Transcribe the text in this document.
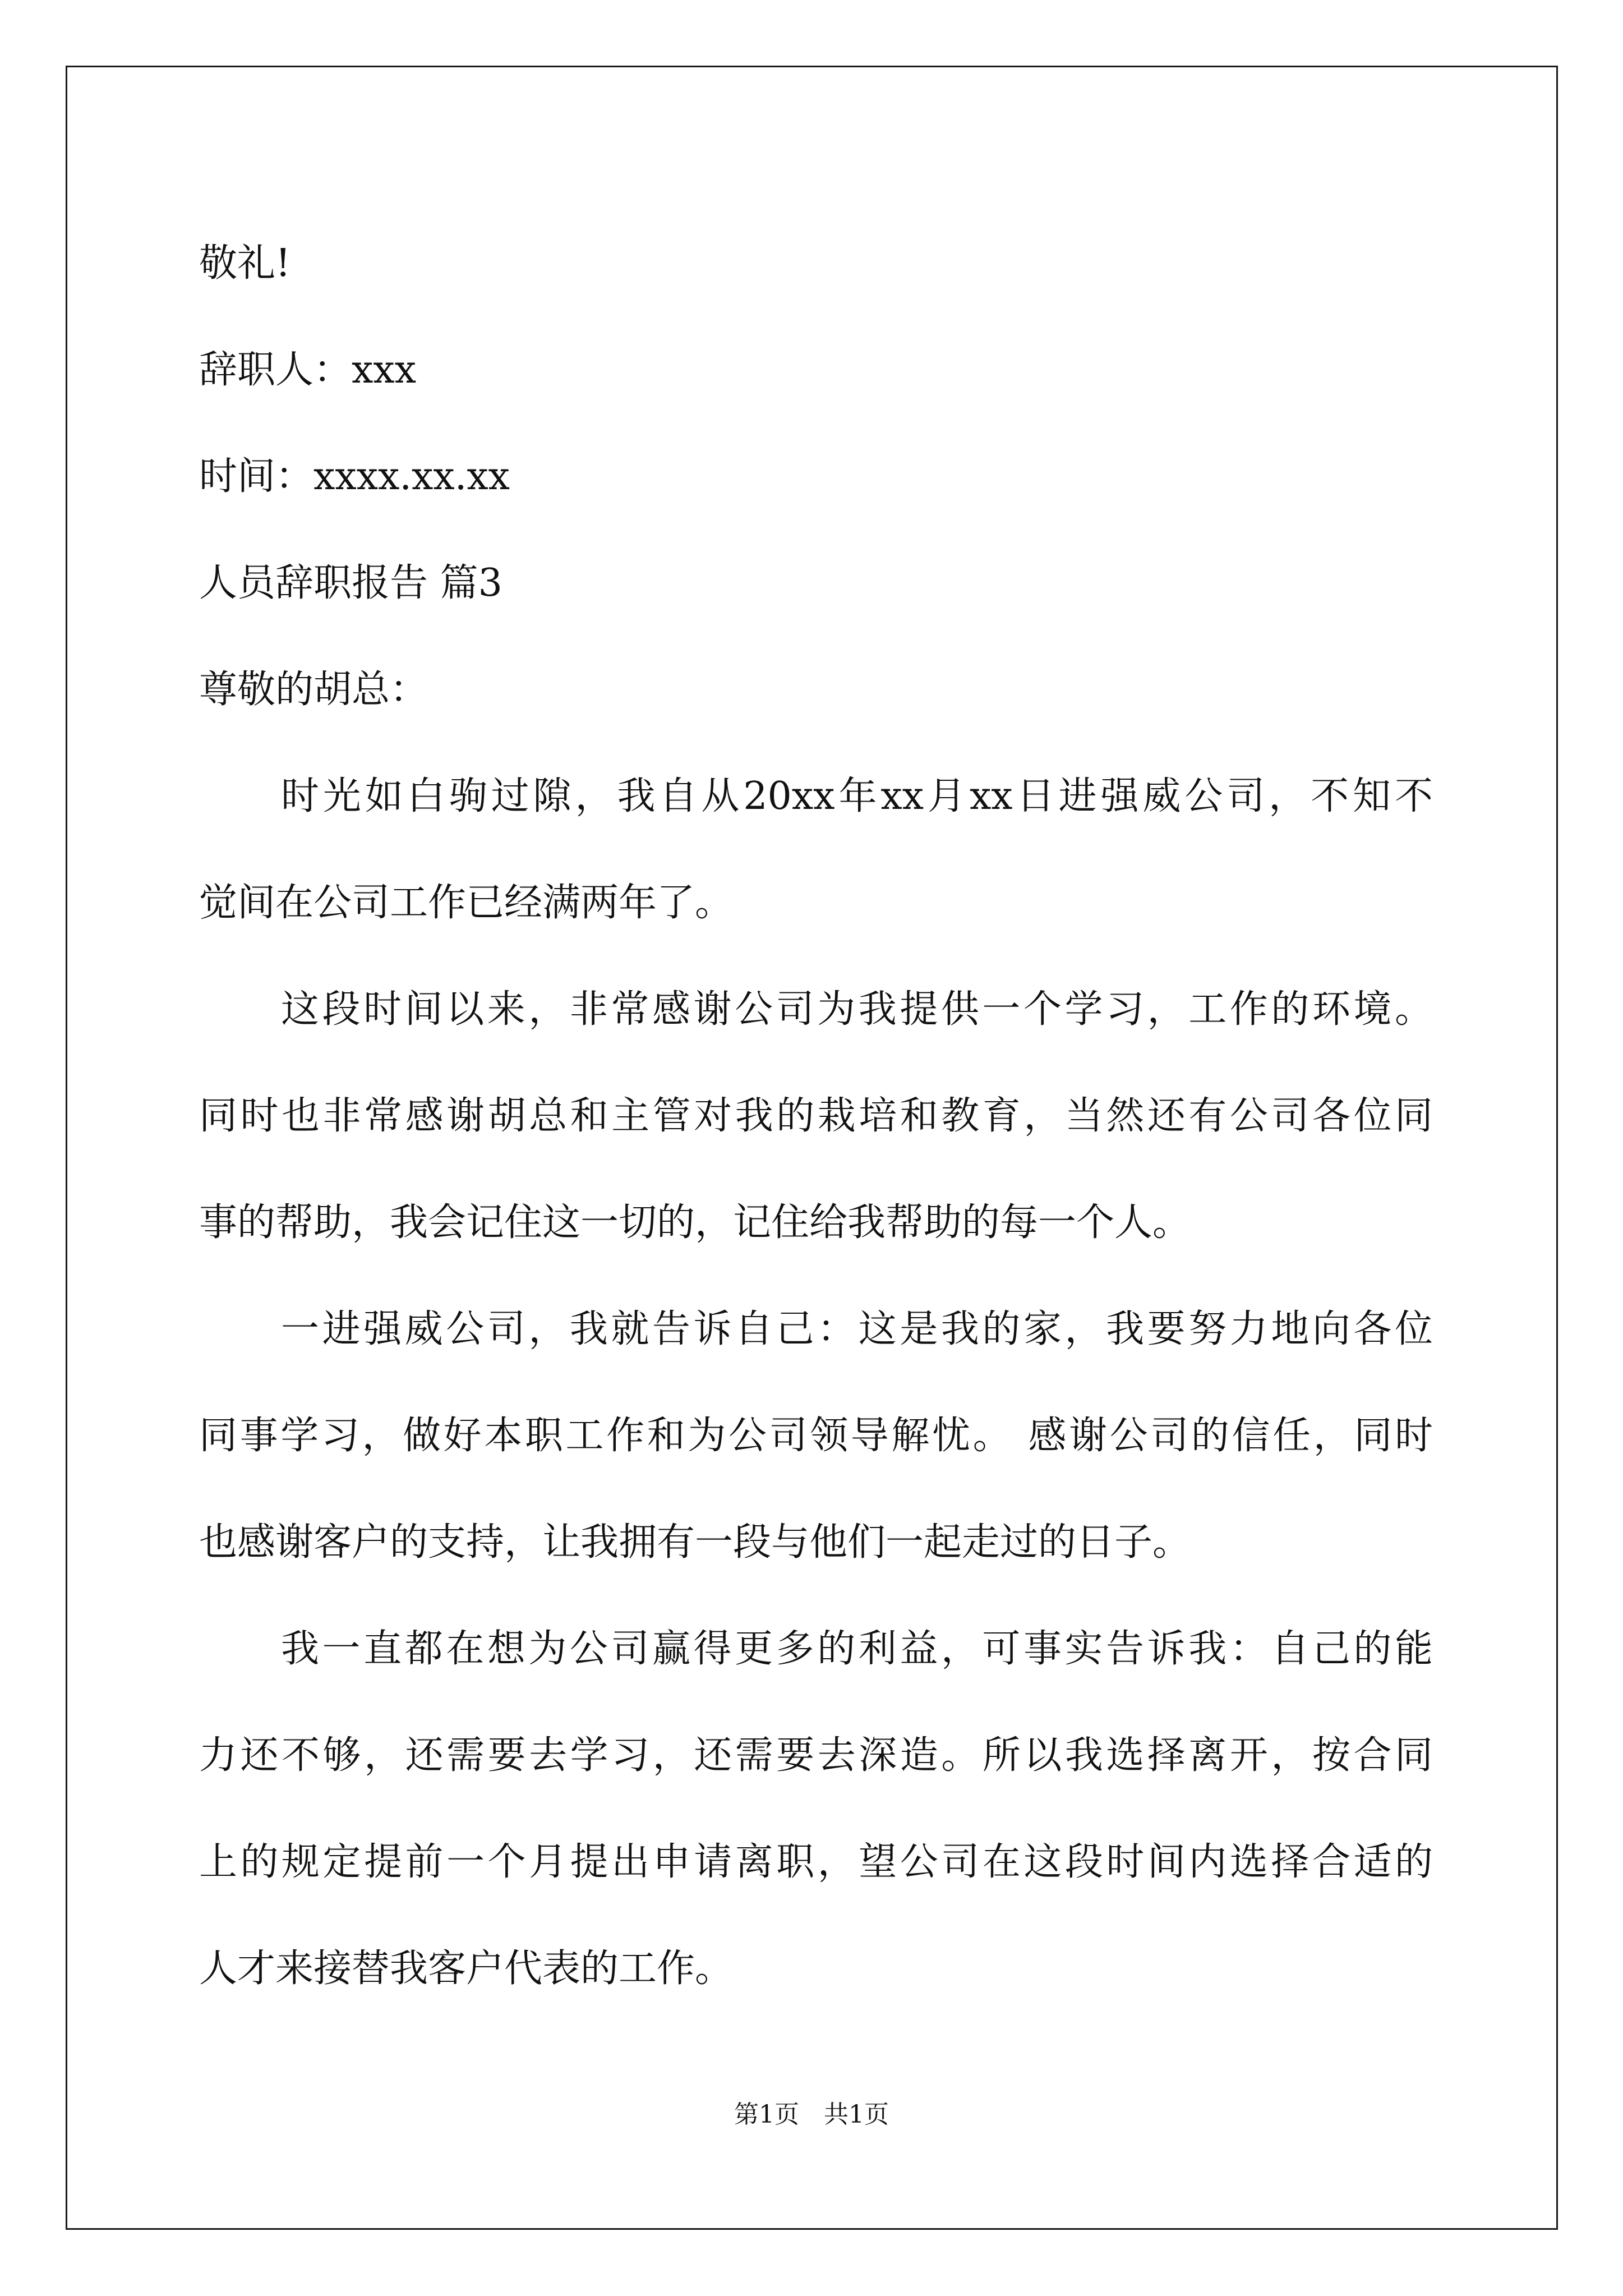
敬礼!
辞职人：xxx
时间：xxxx.xx.xx
人员辞职报告 篇3
尊敬的胡总：
时光如白驹过隙，我自从20xx年xx月xx日进强威公司，不知不
觉间在公司工作已经满两年了。
这段时间以来，非常感谢公司为我提供一个学习，工作的环境。
同时也非常感谢胡总和主管对我的栽培和教育，当然还有公司各位同
事的帮助，我会记住这一切的，记住给我帮助的每一个人。
一进强威公司，我就告诉自己：这是我的家，我要努力地向各位
同事学习，做好本职工作和为公司领导解忧。 感谢公司的信任，同时
也感谢客户的支持，让我拥有一段与他们一起走过的日子。
我一直都在想为公司赢得更多的利益，可事实告诉我：自己的能
力还不够，还需要去学习，还需要去深造。所以我选择离开，按合同
上的规定提前一个月提出申请离职，望公司在这段时间内选择合适的
人才来接替我客户代表的工作。
第1页　共1页
